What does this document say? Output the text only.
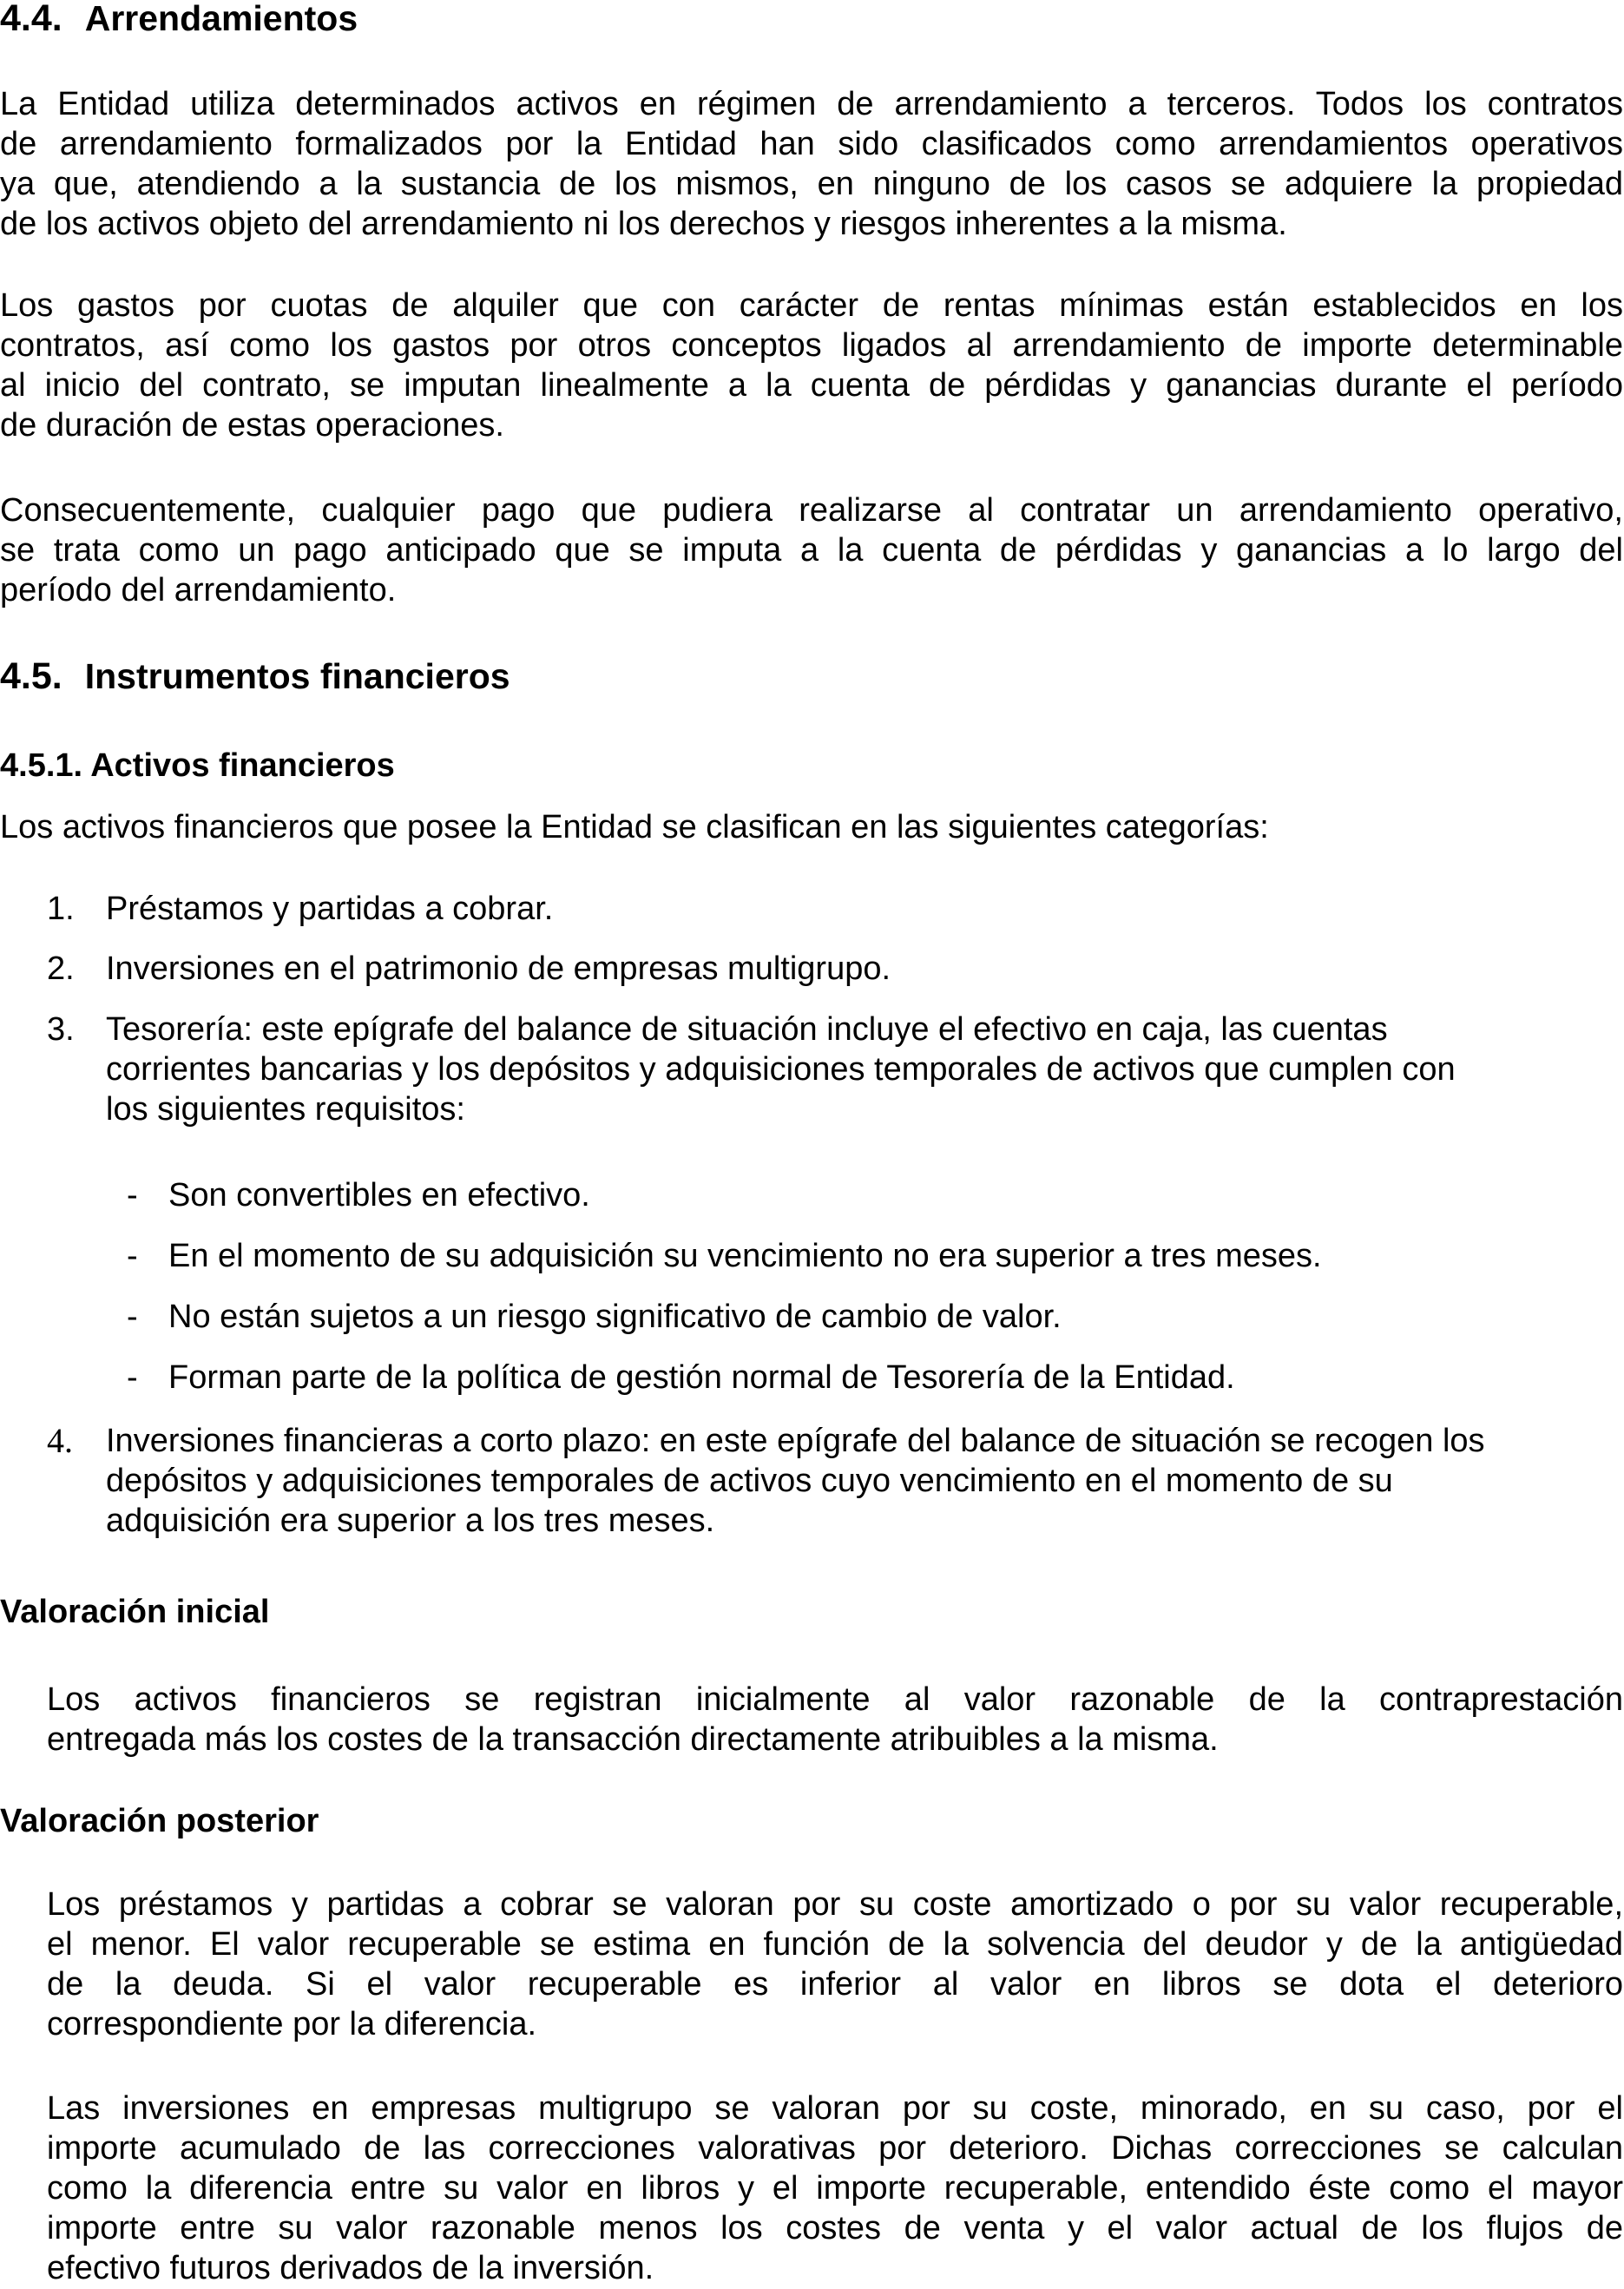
4.4. Arrendamientos
La Entidad utiliza determinados activos en régimen de arrendamiento a terceros. Todos los contratos
de arrendamiento formalizados por la Entidad han sido clasificados como arrendamientos operativos
ya que, atendiendo a la sustancia de los mismos, en ninguno de los casos se adquiere la propiedad
de los activos objeto del arrendamiento ni los derechos y riesgos inherentes a la misma.
Los gastos por cuotas de alquiler que con carácter de rentas mínimas están establecidos en los
contratos, así como los gastos por otros conceptos ligados al arrendamiento de importe determinable
al inicio del contrato, se imputan linealmente a la cuenta de pérdidas y ganancias durante el período
de duración de estas operaciones.
Consecuentemente, cualquier pago que pudiera realizarse al contratar un arrendamiento operativo,
se trata como un pago anticipado que se imputa a la cuenta de pérdidas y ganancias a lo largo del
período del arrendamiento.
4.5. Instrumentos financieros
4.5.1. Activos financieros
Los activos financieros que posee la Entidad se clasifican en las siguientes categorías:
1. Préstamos y partidas a cobrar.
2. Inversiones en el patrimonio de empresas multigrupo.
3. Tesorería: este epígrafe del balance de situación incluye el efectivo en caja, las cuentas
corrientes bancarias y los depósitos y adquisiciones temporales de activos que cumplen con
los siguientes requisitos:
- Son convertibles en efectivo.
- En el momento de su adquisición su vencimiento no era superior a tres meses.
- No están sujetos a un riesgo significativo de cambio de valor.
- Forman parte de la política de gestión normal de Tesorería de la Entidad.
4.	Inversiones financieras a corto plazo: en este epígrafe del balance de situación se recogen los
depósitos y adquisiciones temporales de activos cuyo vencimiento en el momento de su
adquisición era superior a los tres meses.
Valoración inicial
Los activos financieros se registran inicialmente al valor razonable de la contraprestación
entregada más los costes de la transacción directamente atribuibles a la misma.
Valoración posterior
Los préstamos y partidas a cobrar se valoran por su coste amortizado o por su valor recuperable,
el menor. El valor recuperable se estima en función de la solvencia del deudor y de la antigüedad
de la deuda. Si el valor recuperable es inferior al valor en libros se dota el deterioro
correspondiente por la diferencia.
Las inversiones en empresas multigrupo se valoran por su coste, minorado, en su caso, por el
importe acumulado de las correcciones valorativas por deterioro. Dichas correcciones se calculan
como la diferencia entre su valor en libros y el importe recuperable, entendido éste como el mayor
importe entre su valor razonable menos los costes de venta y el valor actual de los flujos de
efectivo futuros derivados de la inversión.
